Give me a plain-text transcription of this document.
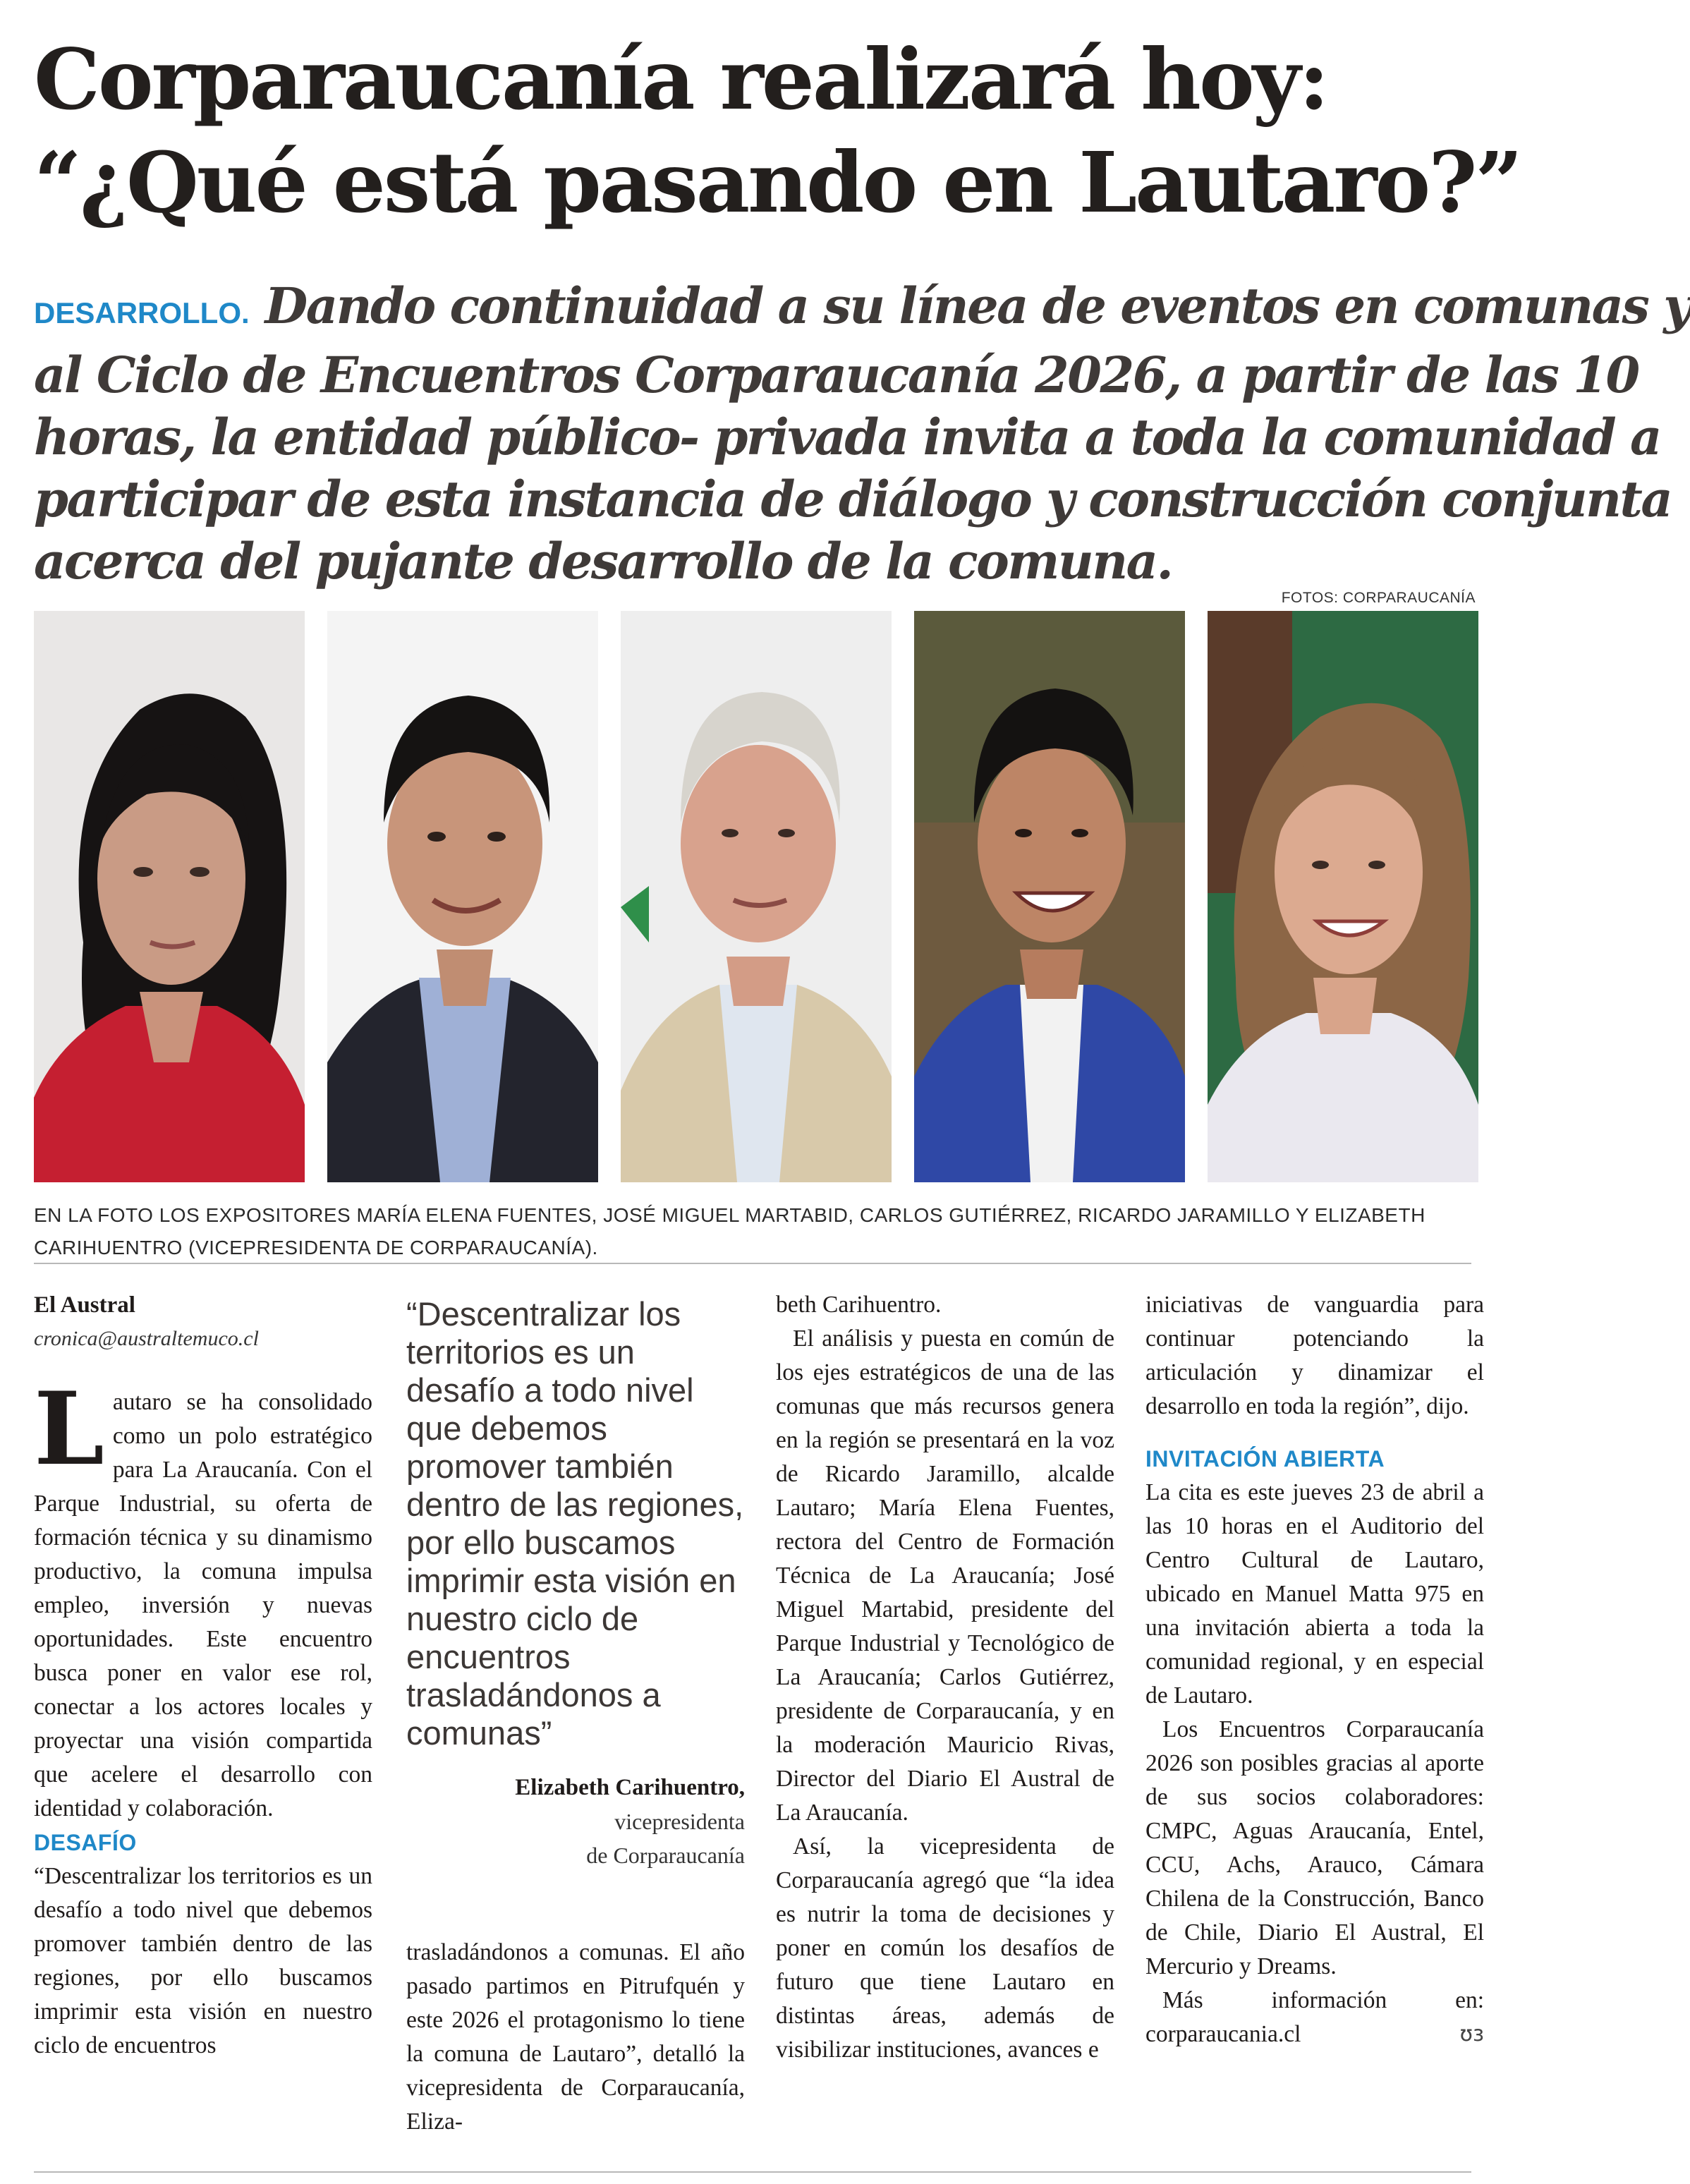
Corparaucanía realizará hoy:
“¿Qué está pasando en Lautaro?”
DESARROLLO. Dando continuidad a su línea de eventos en comunas y
al Ciclo de Encuentros Corparaucanía 2026, a partir de las 10
horas, la entidad público- privada invita a toda la comunidad a
participar de esta instancia de diálogo y construcción conjunta
acerca del pujante desarrollo de la comuna.
FOTOS: CORPARAUCANÍA
EN LA FOTO LOS EXPOSITORES MARÍA ELENA FUENTES, JOSÉ MIGUEL MARTABID, CARLOS GUTIÉRREZ, RICARDO JARAMILLO Y ELIZABETH CARIHUENTRO (VICEPRESIDENTA DE CORPARAUCANÍA).

El Austral

cronica@australtemuco.cl

Lautaro se ha consolidado como un polo estratégico para La Araucanía. Con el Parque Industrial, su oferta de formación técnica y su dinamismo productivo, la comuna impulsa empleo, inversión y nuevas oportunidades. Este encuentro busca poner en valor ese rol, conectar a los actores locales y proyectar una visión compartida que acelere el desarrollo con identidad y colaboración.

DESAFÍO

“Descentralizar los territorios es un desafío a todo nivel que debemos promover también dentro de las regiones, por ello buscamos imprimir esta visión en nuestro ciclo de encuentros

“Descentralizar los territorios es un desafío a todo nivel que debemos promover también dentro de las regiones, por ello buscamos imprimir esta visión en nuestro ciclo de encuentros trasladándonos a comunas”

Elizabeth Carihuentro,

vicepresidenta

de Corparaucanía

trasladándonos a comunas. El año pasado partimos en Pitrufquén y este 2026 el protagonismo lo tiene la comuna de Lautaro”, detalló la vicepresidenta de Corparaucanía, Eliza-

beth Carihuentro.

El análisis y puesta en común de los ejes estratégicos de una de las comunas que más recursos genera en la región se presentará en la voz de Ricardo Jaramillo, alcalde Lautaro; María Elena Fuentes, rectora del Centro de Formación Técnica de La Araucanía; José Miguel Martabid, presidente del Parque Industrial y Tecnológico de La Araucanía; Carlos Gutiérrez, presidente de Corparaucanía, y en la moderación Mauricio Rivas, Director del Diario El Austral de La Araucanía.

Así, la vicepresidenta de Corparaucanía agregó que “la idea es nutrir la toma de decisiones y poner en común los desafíos de futuro que tiene Lautaro en distintas áreas, además de visibilizar instituciones, avances e

iniciativas de vanguardia para continuar potenciando la articulación y dinamizar el desarrollo en toda la región”, dijo.

INVITACIÓN ABIERTA

La cita es este jueves 23 de abril a las 10 horas en el Auditorio del Centro Cultural de Lautaro, ubicado en Manuel Matta 975 en una invitación abierta a toda la comunidad regional, y en especial de Lautaro.

Los Encuentros Corparaucanía 2026 son posibles gracias al aporte de sus socios colaboradores: CMPC, Aguas Araucanía, Entel, CCU, Achs, Arauco, Cámara Chilena de la Construcción, Banco de Chile, Diario El Austral, El Mercurio y Dreams.

Más información en: corparaucania.cl	ʊз
